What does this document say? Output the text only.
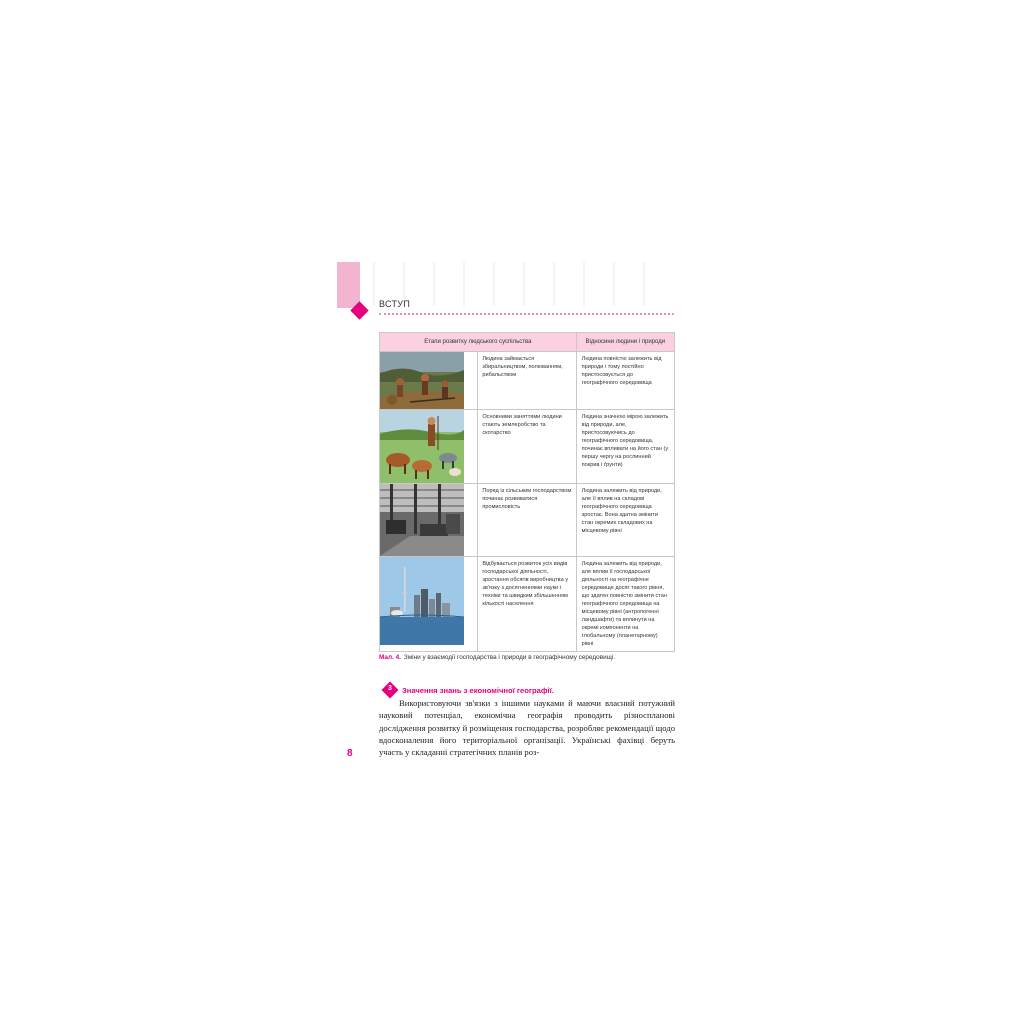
ВСТУП
Етапи розвитку людського суспільства		Відносини людини і природи

	Людина займається збиральництвом, полюванням, рибальством	Людина повністю залежить від природи і тому постійно пристосовується до географічного середовища

	Основними заняттями людини стають землеробство та скотарство	Людина значною мірою залежить від природи, але, пристосовуючись до географічного середовища, починає впливати на його стан (у першу чергу на рослинний покрив і ґрунти)

	Поряд із сільським господарством починає розвиватися промисловість	Людина залежить від природи, але її вплив на складові географічного середовища зростає. Вона здатна змінити стан окремих складових на місцевому рівні

	Відбувається розвиток усіх видів господарської діяльності, зростання обсягів виробництва у зв'язку з досягненнями науки і техніки та швидким збільшенням кількості населення	Людина залежить від природи, але вплив її господарської діяльності на географічне середовище досяг такого рівня, що здатен повністю змінити стан географічного середовища на місцевому рівні (антропогенні ландшафти) та вплинути на окремі компоненти на глобальному (планетарному) рівні
Мал. 4. Зміни у взаємодії господарства і природи в географічному середовищі.
3	Значення знань з економічної географії.
Використовуючи зв'язки з іншими науками й маючи власний потужний науковий потенціал, економічна географія проводить різноспланові дослідження розвитку й розміщення господарства, розробляє рекомендації щодо вдосконалення його територіальної організації. Українські фахівці беруть участь у складанні стратегічних планів роз-
8
